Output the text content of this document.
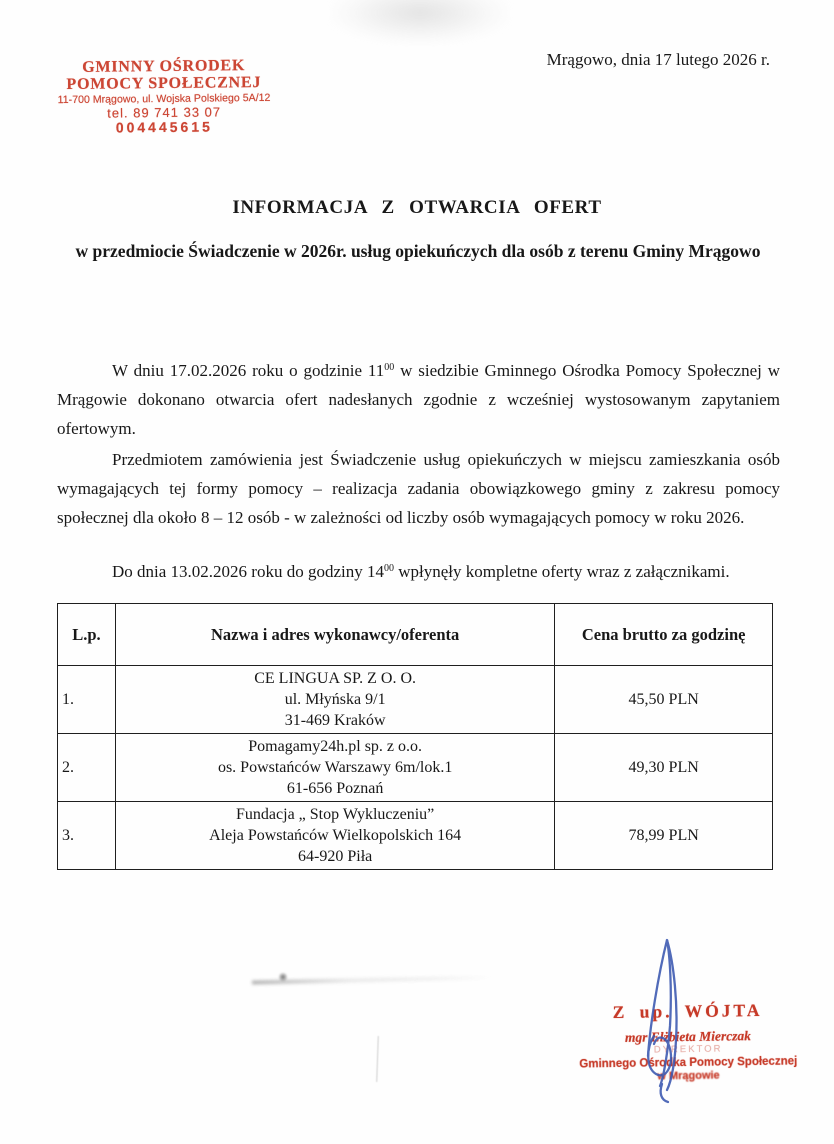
GMINNY OŚRODEK
POMOCY SPOŁECZNEJ
11-700 Mrągowo, ul. Wojska Polskiego 5A/12
tel. 89 741 33 07
004445615
Mrągowo, dnia 17 lutego 2026 r.
INFORMACJA Z OTWARCIA OFERT
w przedmiocie Świadczenie w 2026r. usług opiekuńczych dla osób z terenu Gminy Mrągowo

W dniu 17.02.2026 roku o godzinie $11^{00}$ w siedzibie Gminnego Ośrodka Pomocy Społecznej w Mrągowie dokonano otwarcia ofert nadesłanych zgodnie z wcześniej wystosowanym zapytaniem ofertowym.

Przedmiotem zamówienia jest Świadczenie usług opiekuńczych w miejscu zamieszkania osób wymagających tej formy pomocy – realizacja zadania obowiązkowego gminy z zakresu pomocy społecznej dla około 8 – 12 osób - w zależności od liczby osób wymagających pomocy w roku 2026.

Do dnia 13.02.2026 roku do godziny $14^{00}$ wpłynęły kompletne oferty wraz z załącznikami.

L.p.	Nazwa i adres wykonawcy/oferenta	Cena brutto za godzinę
1.	CE LINGUA SP. Z O. O.
ul. Młyńska 9/1
31-469 Kraków	45,50 PLN
2.	Pomagamy24h.pl sp. z o.o.
os. Powstańców Warszawy 6m/lok.1
61-656 Poznań	49,30 PLN
3.	Fundacja „ Stop Wykluczeniu”
Aleja Powstańców Wielkopolskich 164
64-920 Piła	78,99 PLN
Z up. WÓJTA
mgr Elżbieta Mierczak
DYREKTOR
Gminnego Ośrodka Pomocy Społecznej
w Mrągowie
